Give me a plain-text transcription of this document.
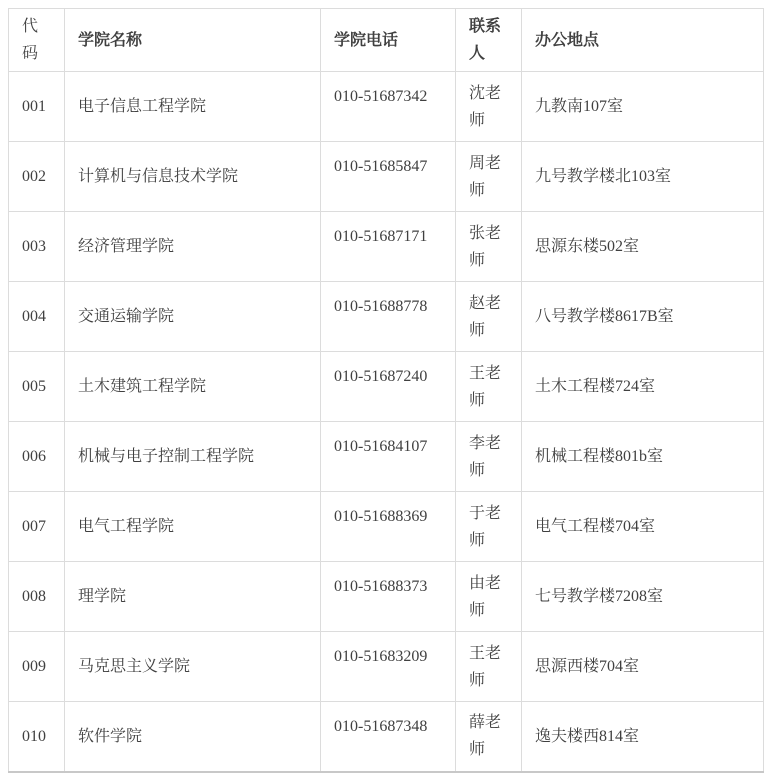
代码	学院名称	学院电话	联系人	办公地点
001	电子信息工程学院	010-51687342	沈老师	九教南107室
002	计算机与信息技术学院	010-51685847	周老师	九号教学楼北103室
003	经济管理学院	010-51687171	张老师	思源东楼502室
004	交通运输学院	010-51688778	赵老师	八号教学楼8617B室
005	土木建筑工程学院	010-51687240	王老师	土木工程楼724室
006	机械与电子控制工程学院	010-51684107	李老师	机械工程楼801b室
007	电气工程学院	010-51688369	于老师	电气工程楼704室
008	理学院	010-51688373	由老师	七号教学楼7208室
009	马克思主义学院	010-51683209	王老师	思源西楼704室
010	软件学院	010-51687348	薛老师	逸夫楼西814室
